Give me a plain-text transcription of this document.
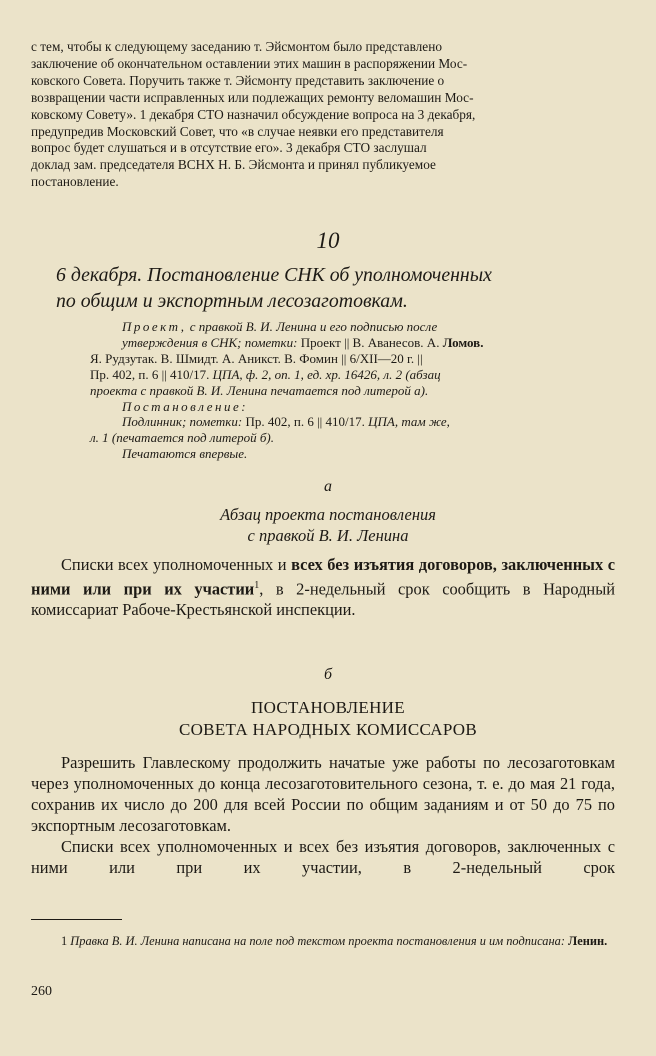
с тем, чтобы к следующему заседанию т. Эйсмонтом было представлено

заключение об окончательном оставлении этих машин в распоряжении Мос-

ковского Совета. Поручить также т. Эйсмонту представить заключение о

возвращении части исправленных или подлежащих ремонту веломашин Мос-

ковскому Совету». 1 декабря СТО назначил обсуждение вопроса на 3 декабря,

предупредив Московский Совет, что «в случае неявки его представителя

вопрос будет слушаться и в отсутствие его». 3 декабря СТО заслушал

доклад зам. председателя ВСНХ Н. Б. Эйсмонта и принял публикуемое

постановление.

10
6 декабря. Постановление СНК об уполномоченных
по общим и экспортным лесозаготовкам.

Проект, с правкой В. И. Ленина и его подписью после

утверждения в СНК; пометки: Проект || В. Аванесов. А. Ломов.

Я. Рудзутак. В. Шмидт. А. Аникст. В. Фомин || 6/XII—20 г. ||

Пр. 402, п. 6 || 410/17. ЦПА, ф. 2, оп. 1, ед. хр. 16426, л. 2 (абзац

проекта с правкой В. И. Ленина печатается под литерой а).

Постановление:

Подлинник; пометки: Пр. 402, п. 6 || 410/17. ЦПА, там же,

л. 1 (печатается под литерой б).

Печатаются впервые.

а
Абзац проекта постановления
с правкой В. И. Ленина

Списки всех уполномоченных и всех без изъятия договоров, заключенных с ними или при их участии$^1$, в 2-недельный срок сообщить в Народный комиссариат Рабоче-Крестьянской инспекции.

б
ПОСТАНОВЛЕНИЕ
СОВЕТА НАРОДНЫХ КОМИССАРОВ

Разрешить Главлескому продолжить начатые уже работы по лесозаготовкам через уполномоченных до конца лесозаготовительного сезона, т. е. до мая 21 года, сохранив их число до 200 для всей России по общим заданиям и от 50 до 75 по экспортным лесозаготовкам.

Списки всех уполномоченных и всех без изъятия договоров, заключенных с ними или при их участии, в 2-недельный срок

1 Правка В. И. Ленина написана на поле под текстом проекта постановления и им подписана: Ленин.

260
